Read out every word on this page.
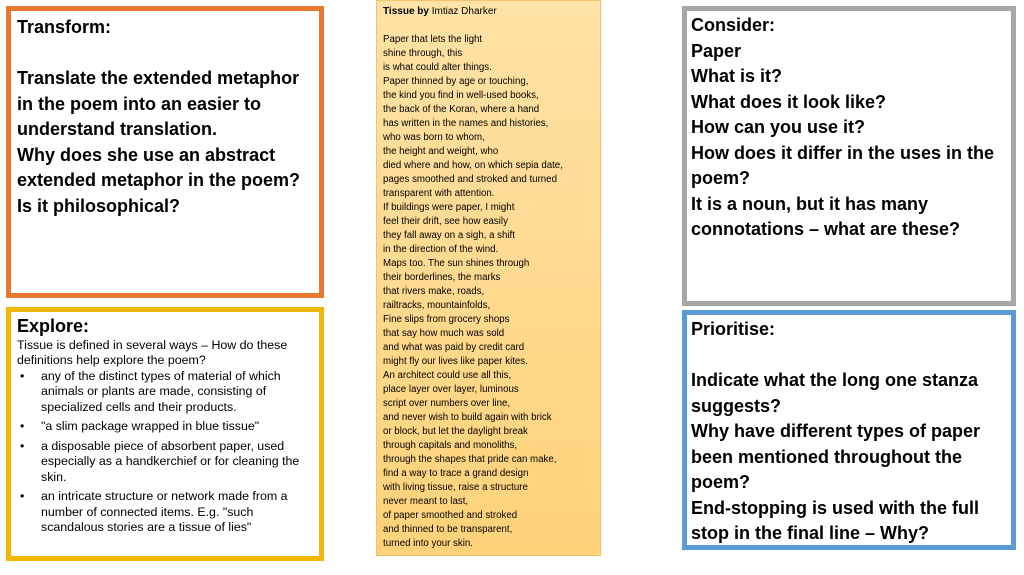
Transform:

Translate the extended metaphor in the poem into an easier to understand translation.

Why does she use an abstract extended metaphor in the poem?

Is it philosophical?

Explore:

Tissue is defined in several ways – How do these definitions help explore the poem?

• any of the distinct types of material of which animals or plants are made, consisting of specialized cells and their products.
• "a slim package wrapped in blue tissue"
• a disposable piece of absorbent paper, used especially as a handkerchief or for cleaning the skin.
• an intricate structure or network made from a number of connected items. E.g. "such scandalous stories are a tissue of lies"

Tissue by Imtiaz Dharker

Paper that lets the light
shine through, this
is what could alter things.
Paper thinned by age or touching,
the kind you find in well-used books,
the back of the Koran, where a hand
has written in the names and histories,
who was born to whom,
the height and weight, who
died where and how, on which sepia date,
pages smoothed and stroked and turned
transparent with attention.
If buildings were paper, I might
feel their drift, see how easily
they fall away on a sigh, a shift
in the direction of the wind.
Maps too. The sun shines through
their borderlines, the marks
that rivers make, roads,
railtracks, mountainfolds,
Fine slips from grocery shops
that say how much was sold
and what was paid by credit card
might fly our lives like paper kites.
An architect could use all this,
place layer over layer, luminous
script over numbers over line,
and never wish to build again with brick
or block, but let the daylight break
through capitals and monoliths,
through the shapes that pride can make,
find a way to trace a grand design
with living tissue, raise a structure
never meant to last,
of paper smoothed and stroked
and thinned to be transparent,
turned into your skin.

Consider:

Paper

What is it?

What does it look like?

How can you use it?

How does it differ in the uses in the poem?

It is a noun, but it has many connotations – what are these?

Prioritise:

Indicate what the long one stanza suggests?

Why have different types of paper been mentioned throughout the poem?

End-stopping is used with the full stop in the final line – Why?
